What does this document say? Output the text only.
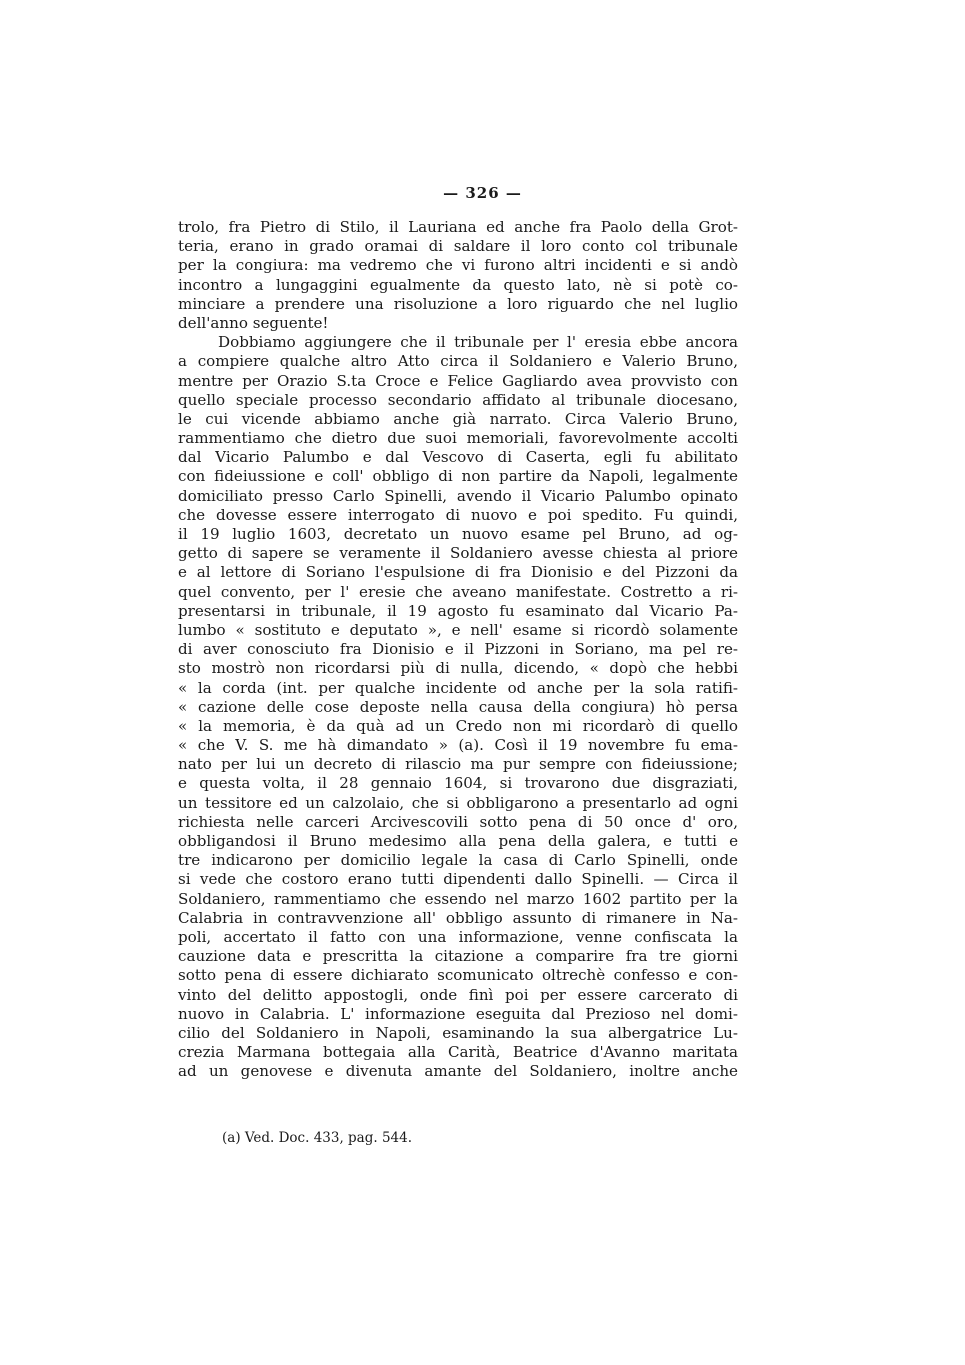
— 326 —
trolo, fra Pietro di Stilo, il Lauriana ed anche fra Paolo della Grot-
teria, erano in grado oramai di saldare il loro conto col tribunale
per la congiura: ma vedremo che vi furono altri incidenti e si andò
incontro a lungaggini egualmente da questo lato, nè si potè co-
minciare a prendere una risoluzione a loro riguardo che nel luglio
dell'anno seguente!
Dobbiamo aggiungere che il tribunale per l' eresia ebbe ancora
a compiere qualche altro Atto circa il Soldaniero e Valerio Bruno,
mentre per Orazio S.ta Croce e Felice Gagliardo avea provvisto con
quello speciale processo secondario affidato al tribunale diocesano,
le cui vicende abbiamo anche già narrato. Circa Valerio Bruno,
rammentiamo che dietro due suoi memoriali, favorevolmente accolti
dal Vicario Palumbo e dal Vescovo di Caserta, egli fu abilitato
con fideiussione e coll' obbligo di non partire da Napoli, legalmente
domiciliato presso Carlo Spinelli, avendo il Vicario Palumbo opinato
che dovesse essere interrogato di nuovo e poi spedito. Fu quindi,
il 19 luglio 1603, decretato un nuovo esame pel Bruno, ad og-
getto di sapere se veramente il Soldaniero avesse chiesta al priore
e al lettore di Soriano l'espulsione di fra Dionisio e del Pizzoni da
quel convento, per l' eresie che aveano manifestate. Costretto a ri-
presentarsi in tribunale, il 19 agosto fu esaminato dal Vicario Pa-
lumbo « sostituto e deputato », e nell' esame si ricordò solamente
di aver conosciuto fra Dionisio e il Pizzoni in Soriano, ma pel re-
sto mostrò non ricordarsi più di nulla, dicendo, « dopò che hebbi
« la corda (int. per qualche incidente od anche per la sola ratifi-
« cazione delle cose deposte nella causa della congiura) hò persa
« la memoria, è da quà ad un Credo non mi ricordarò di quello
« che V. S. me hà dimandato » (a). Così il 19 novembre fu ema-
nato per lui un decreto di rilascio ma pur sempre con fideiussione;
e questa volta, il 28 gennaio 1604, si trovarono due disgraziati,
un tessitore ed un calzolaio, che si obbligarono a presentarlo ad ogni
richiesta nelle carceri Arcivescovili sotto pena di 50 once d' oro,
obbligandosi il Bruno medesimo alla pena della galera, e tutti e
tre indicarono per domicilio legale la casa di Carlo Spinelli, onde
si vede che costoro erano tutti dipendenti dallo Spinelli. — Circa il
Soldaniero, rammentiamo che essendo nel marzo 1602 partito per la
Calabria in contravvenzione all' obbligo assunto di rimanere in Na-
poli, accertato il fatto con una informazione, venne confiscata la
cauzione data e prescritta la citazione a comparire fra tre giorni
sotto pena di essere dichiarato scomunicato oltrechè confesso e con-
vinto del delitto appostogli, onde finì poi per essere carcerato di
nuovo in Calabria. L' informazione eseguita dal Prezioso nel domi-
cilio del Soldaniero in Napoli, esaminando la sua albergatrice Lu-
crezia Marmana bottegaia alla Carità, Beatrice d'Avanno maritata
ad un genovese e divenuta amante del Soldaniero, inoltre anche
(a) Ved. Doc. 433, pag. 544.
